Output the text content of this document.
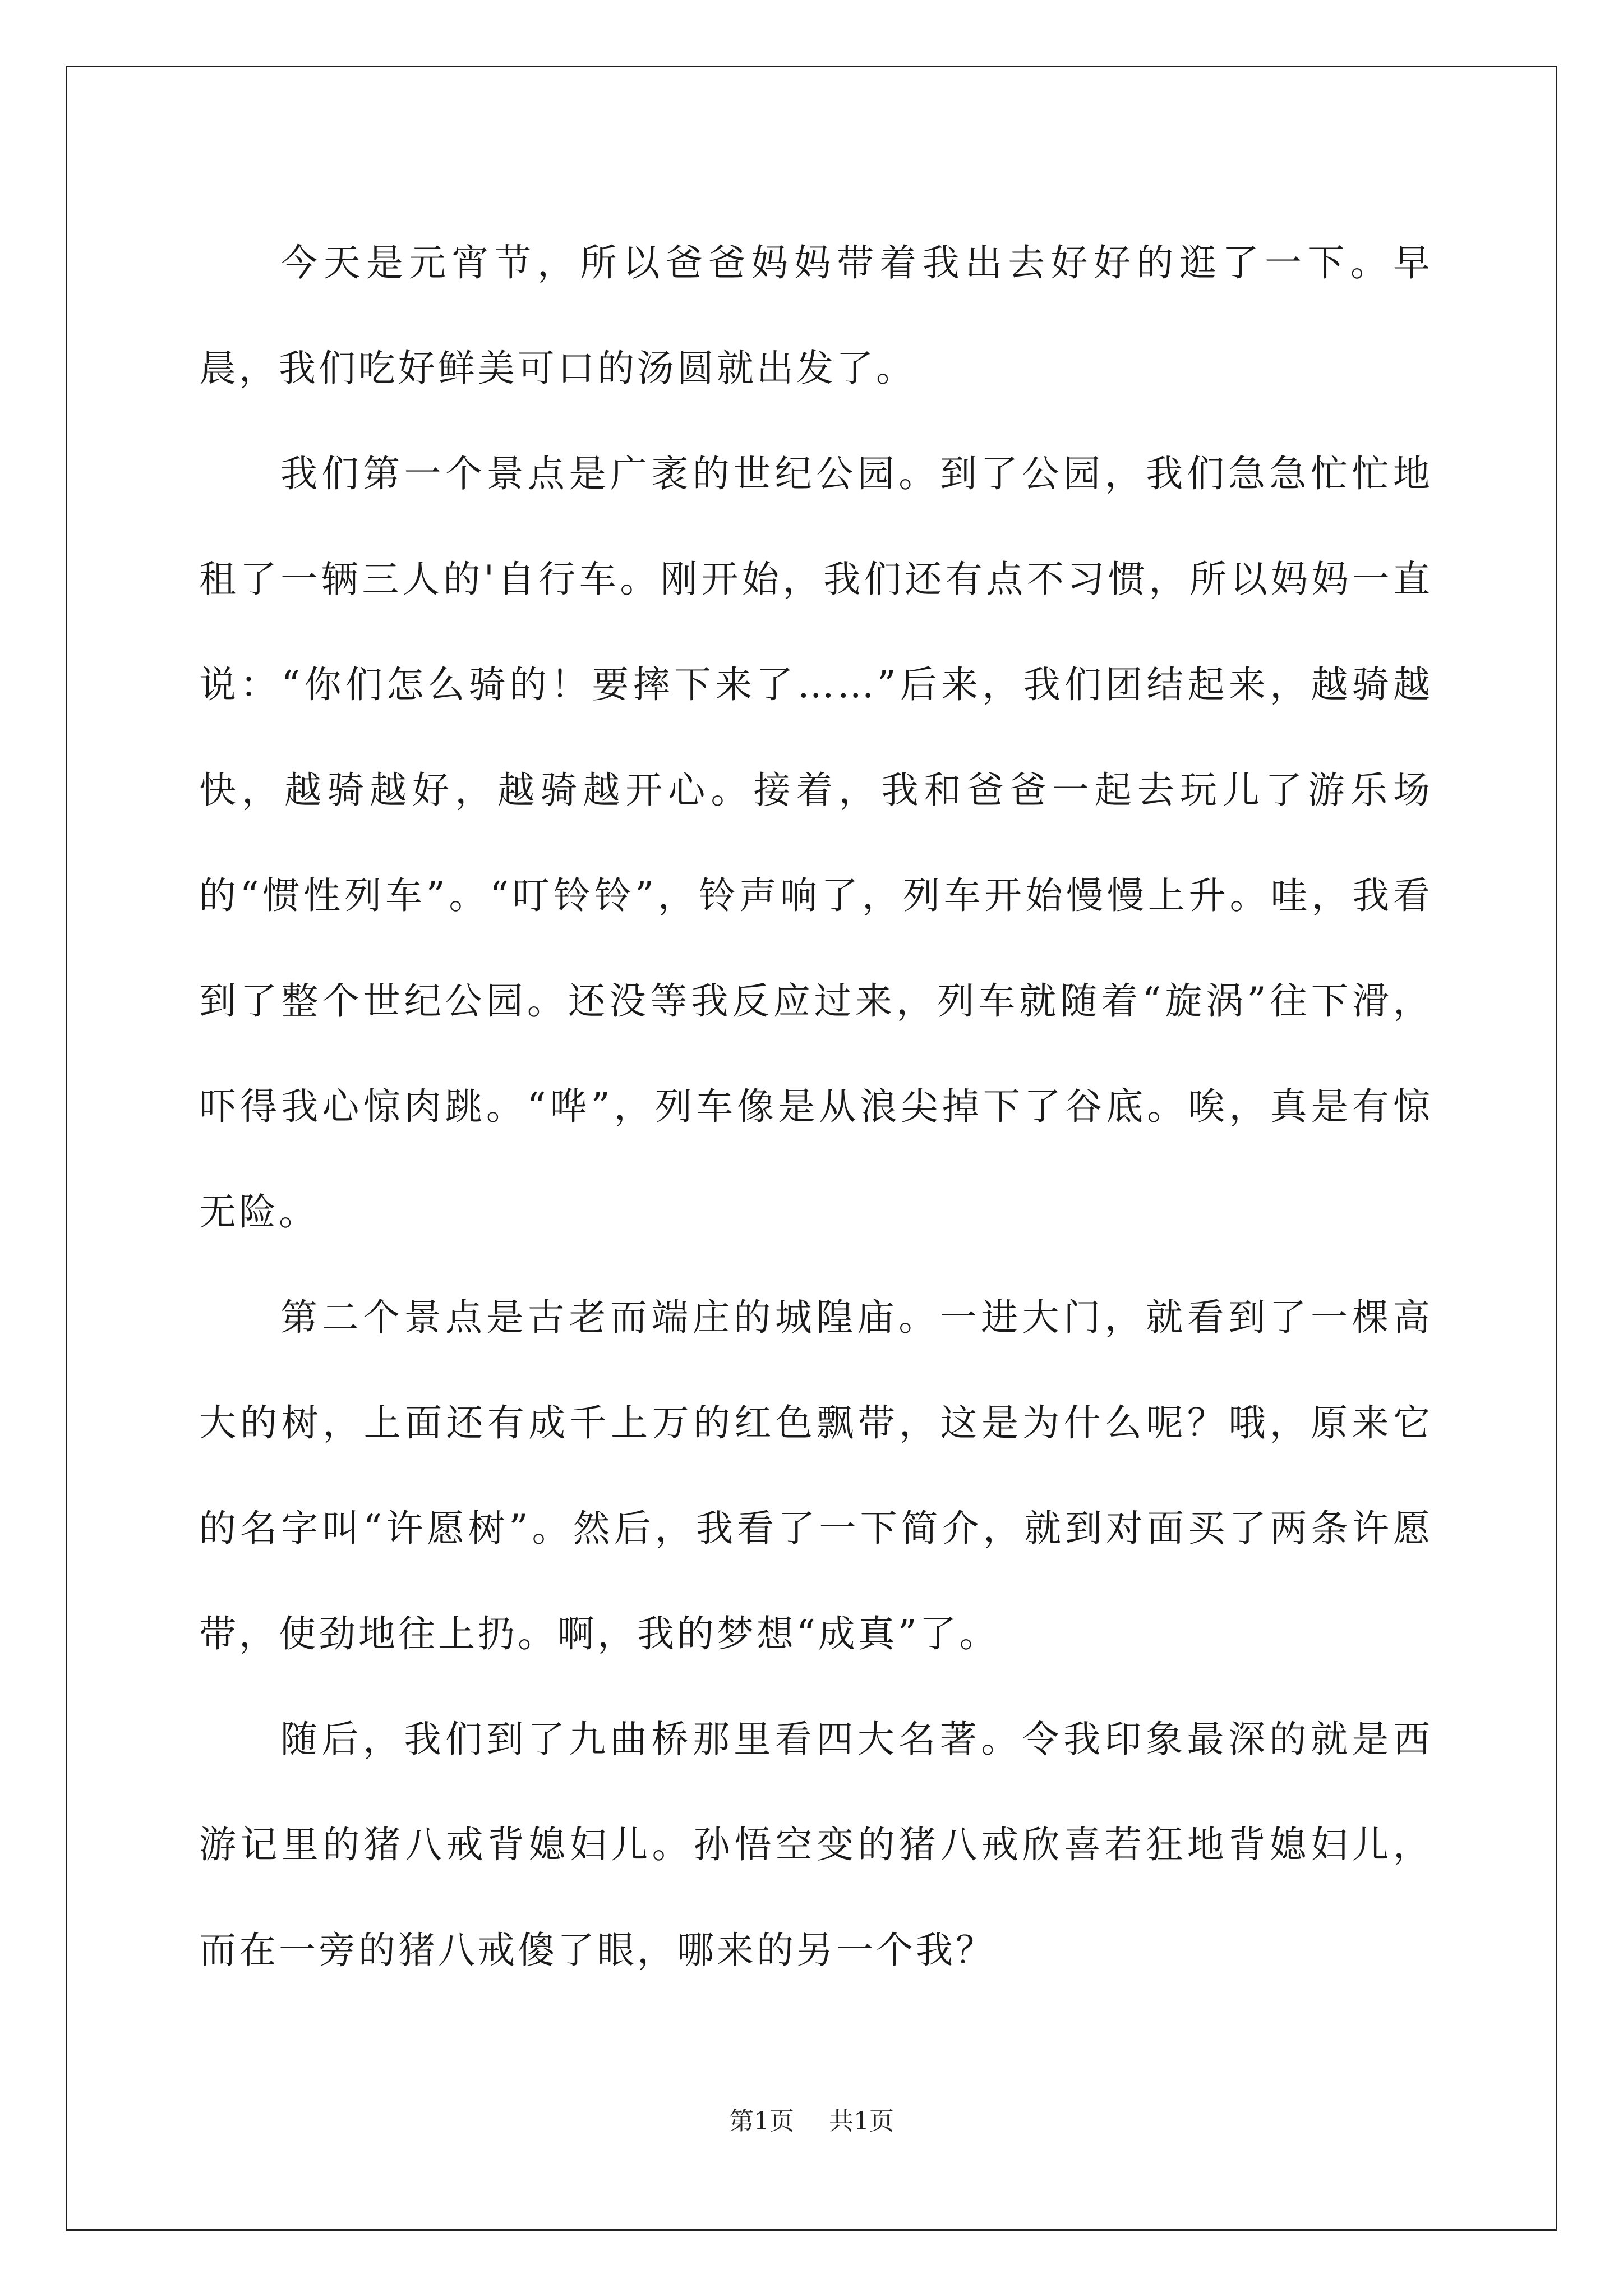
今天是元宵节，所以爸爸妈妈带着我出去好好的逛了一下。早晨，我们吃好鲜美可口的汤圆就出发了。

我们第一个景点是广袤的世纪公园。到了公园，我们急急忙忙地租了一辆三人的'自行车。刚开始，我们还有点不习惯，所以妈妈一直说：“你们怎么骑的！要摔下来了……”后来，我们团结起来，越骑越快，越骑越好，越骑越开心。接着，我和爸爸一起去玩儿了游乐场的“惯性列车”。“叮铃铃”，铃声响了，列车开始慢慢上升。哇，我看到了整个世纪公园。还没等我反应过来，列车就随着“旋涡”往下滑，吓得我心惊肉跳。“哗”，列车像是从浪尖掉下了谷底。唉，真是有惊无险。

第二个景点是古老而端庄的城隍庙。一进大门，就看到了一棵高大的树，上面还有成千上万的红色飘带，这是为什么呢？哦，原来它的名字叫“许愿树”。然后，我看了一下简介，就到对面买了两条许愿带，使劲地往上扔。啊，我的梦想“成真”了。

随后，我们到了九曲桥那里看四大名著。令我印象最深的就是西游记里的猪八戒背媳妇儿。孙悟空变的猪八戒欣喜若狂地背媳妇儿，而在一旁的猪八戒傻了眼，哪来的另一个我？

第1页 共1页
